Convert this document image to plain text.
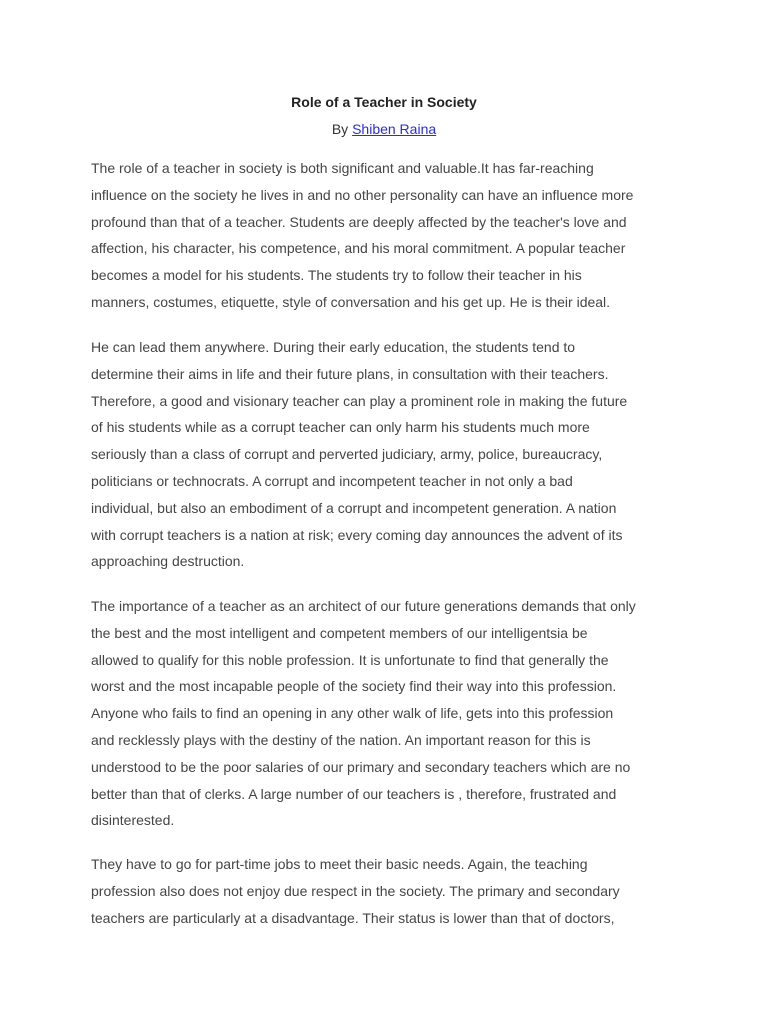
Role of a Teacher in Society
By Shiben Raina
The role of a teacher in society is both significant and valuable.It has far-reaching
influence on the society he lives in and no other personality can have an influence more
profound than that of a teacher. Students are deeply affected by the teacher's love and
affection, his character, his competence, and his moral commitment. A popular teacher
becomes a model for his students. The students try to follow their teacher in his
manners, costumes, etiquette, style of conversation and his get up. He is their ideal.
He can lead them anywhere. During their early education, the students tend to
determine their aims in life and their future plans, in consultation with their teachers.
Therefore, a good and visionary teacher can play a prominent role in making the future
of his students while as a corrupt teacher can only harm his students much more
seriously than a class of corrupt and perverted judiciary, army, police, bureaucracy,
politicians or technocrats. A corrupt and incompetent teacher in not only a bad
individual, but also an embodiment of a corrupt and incompetent generation. A nation
with corrupt teachers is a nation at risk; every coming day announces the advent of its
approaching destruction.
The importance of a teacher as an architect of our future generations demands that only
the best and the most intelligent and competent members of our intelligentsia be
allowed to qualify for this noble profession. It is unfortunate to find that generally the
worst and the most incapable people of the society find their way into this profession.
Anyone who fails to find an opening in any other walk of life, gets into this profession
and recklessly plays with the destiny of the nation. An important reason for this is
understood to be the poor salaries of our primary and secondary teachers which are no
better than that of clerks. A large number of our teachers is , therefore, frustrated and
disinterested.
They have to go for part-time jobs to meet their basic needs. Again, the teaching
profession also does not enjoy due respect in the society. The primary and secondary
teachers are particularly at a disadvantage. Their status is lower than that of doctors,
